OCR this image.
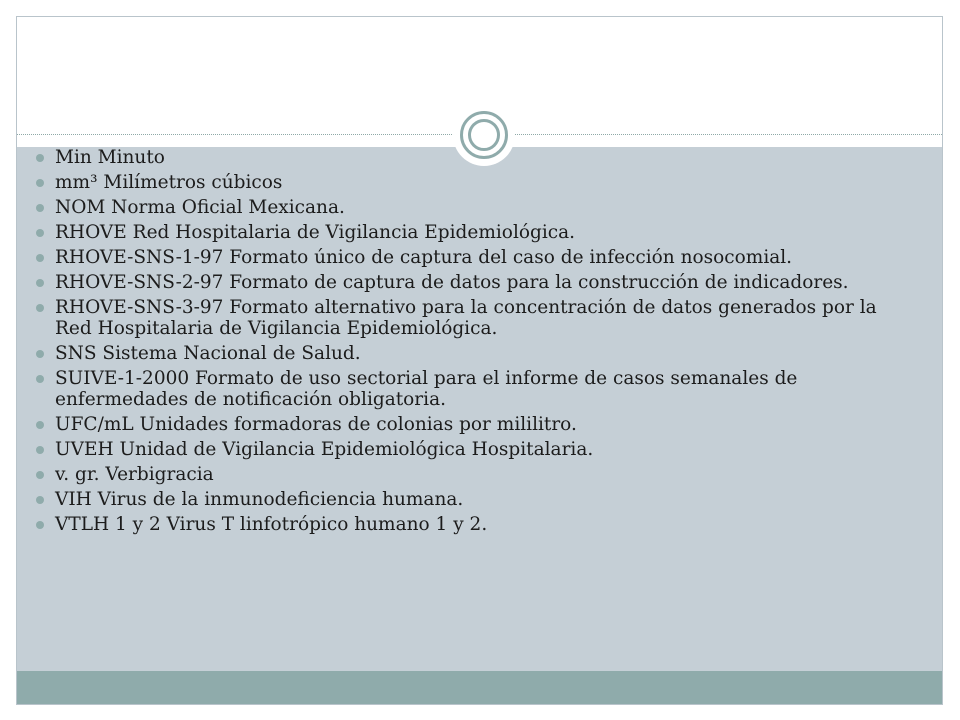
Min Minuto
mm³ Milímetros cúbicos
NOM Norma Oficial Mexicana.
RHOVE Red Hospitalaria de Vigilancia Epidemiológica.
RHOVE-SNS-1-97 Formato único de captura del caso de infección nosocomial.
RHOVE-SNS-2-97 Formato de captura de datos para la construcción de indicadores.
RHOVE-SNS-3-97 Formato alternativo para la concentración de datos generados por la Red Hospitalaria de Vigilancia Epidemiológica.
SNS Sistema Nacional de Salud.
SUIVE-1-2000 Formato de uso sectorial para el informe de casos semanales de enfermedades de notificación obligatoria.
UFC/mL Unidades formadoras de colonias por mililitro.
UVEH Unidad de Vigilancia Epidemiológica Hospitalaria.
v. gr. Verbigracia
VIH Virus de la inmunodeficiencia humana.
VTLH 1 y 2 Virus T linfotrópico humano 1 y 2.
